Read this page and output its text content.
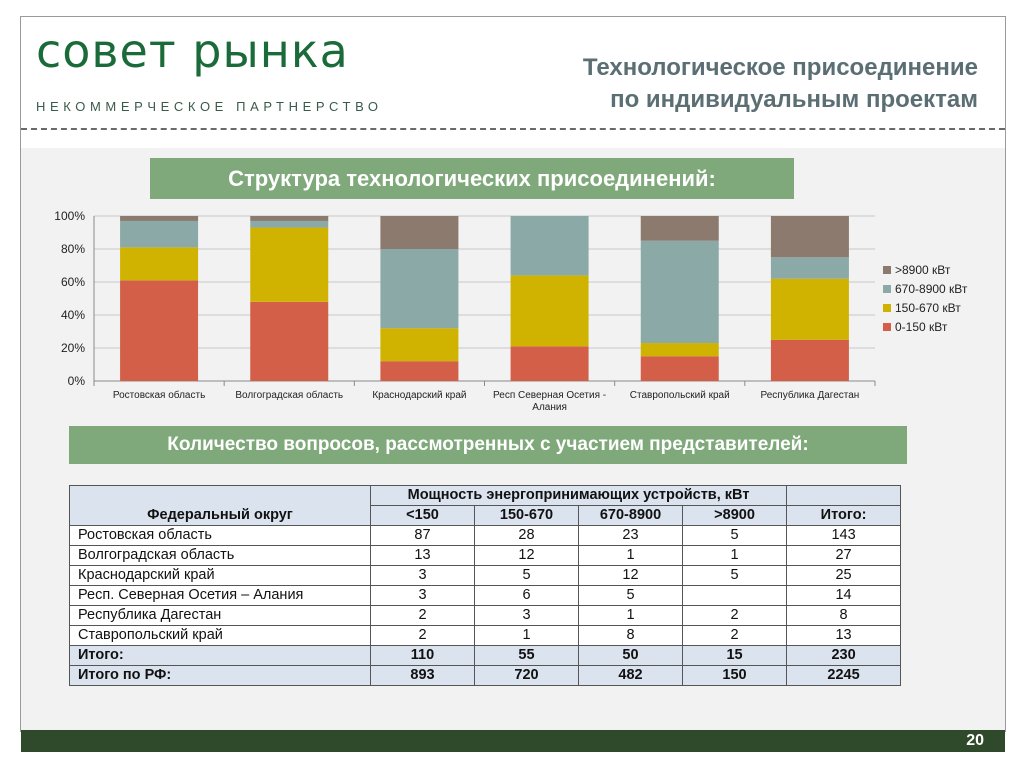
совет рынка
НЕКОММЕРЧЕСКОЕ ПАРТНЕРСТВО
Технологическое присоединение
по индивидуальным проектам
Структура технологических присоединений:
0%
20%
40%
60%
80%
100%
Ростовская область	Волгоградская область	Краснодарский край	Респ Северная Осетия -Алания
Ставропольский край	Республика Дагестан
>8900 кВт
670-8900 кВт
150-670 кВт
0-150 кВт
Количество вопросов, рассмотренных с участием представителей:
Федеральный округ	Мощность энергопринимающих устройств, кВт				
	<150	150-670	670-8900	>8900	Итого:
Ростовская область	87	28	23	5	143
Волгоградская область	13	12	1	1	27
Краснодарский край	3	5	12	5	25
Респ. Северная Осетия – Алания	3	6	5		14
Республика Дагестан	2	3	1	2	8
Ставропольский край	2	1	8	2	13
Итого:	110	55	50	15	230
Итого по РФ:	893	720	482	150	2245
20
